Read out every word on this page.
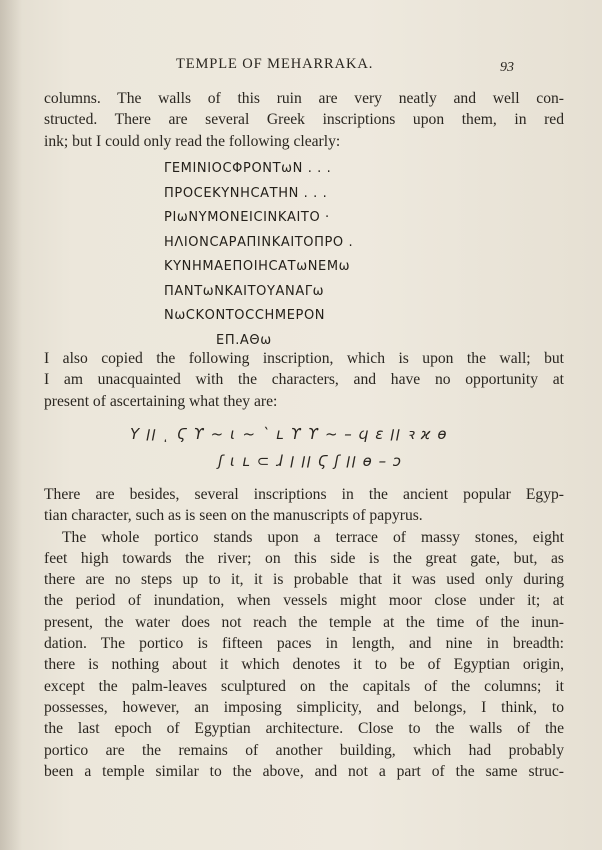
TEMPLE OF MEHARRAKA.	93
columns. The walls of this ruin are very neatly and well con-
structed. There are several Greek inscriptions upon them, in red
ink; but I could only read the following clearly:
ΓΕΜΙΝΙΟCΦΡΟΝΤωΝ . . .
ΠΡΟCΕΚΥΝΗCΑΤΗΝ . . .
ΡΙωΝΥΜΟΝΕΙCΙΝΚΑΙΤΟ ·
ΗΛΙΟΝCΑΡΑΠΙΝΚΑΙΤΟΠΡΟ .
ΚΥΝΗΜΑΕΠΟΙΗCΑΤωΝΕΜω
ΠΑΝΤωΝΚΑΙΤΟΥΑΝΑΓω
ΝωCΚΟΝΤΟCCΗΜΕΡΟΝ
ΕΠ.ΑΘω
I also copied the following inscription, which is upon the wall; but
I am unacquainted with the characters, and have no opportunity at
present of ascertaining what they are:
Υ ׀׀ ͺ Ϛ ϒ ~ ɩ ~ ˋ ʟ ϒ ϒ ~ – ϥ ɛ ׀׀ ꝛ ϰ ɵ
ʃ ɩ ʟ ⊂ ɺ ׀׀ ׀ Ϛ ʃ ׀׀ ɵ – ɔ
There are besides, several inscriptions in the ancient popular Egyp-
tian character, such as is seen on the manuscripts of papyrus.
The whole portico stands upon a terrace of massy stones, eight
feet high towards the river; on this side is the great gate, but, as
there are no steps up to it, it is probable that it was used only during
the period of inundation, when vessels might moor close under it; at
present, the water does not reach the temple at the time of the inun-
dation. The portico is fifteen paces in length, and nine in breadth:
there is nothing about it which denotes it to be of Egyptian origin,
except the palm-leaves sculptured on the capitals of the columns; it
possesses, however, an imposing simplicity, and belongs, I think, to
the last epoch of Egyptian architecture. Close to the walls of the
portico are the remains of another building, which had probably
been a temple similar to the above, and not a part of the same struc-
